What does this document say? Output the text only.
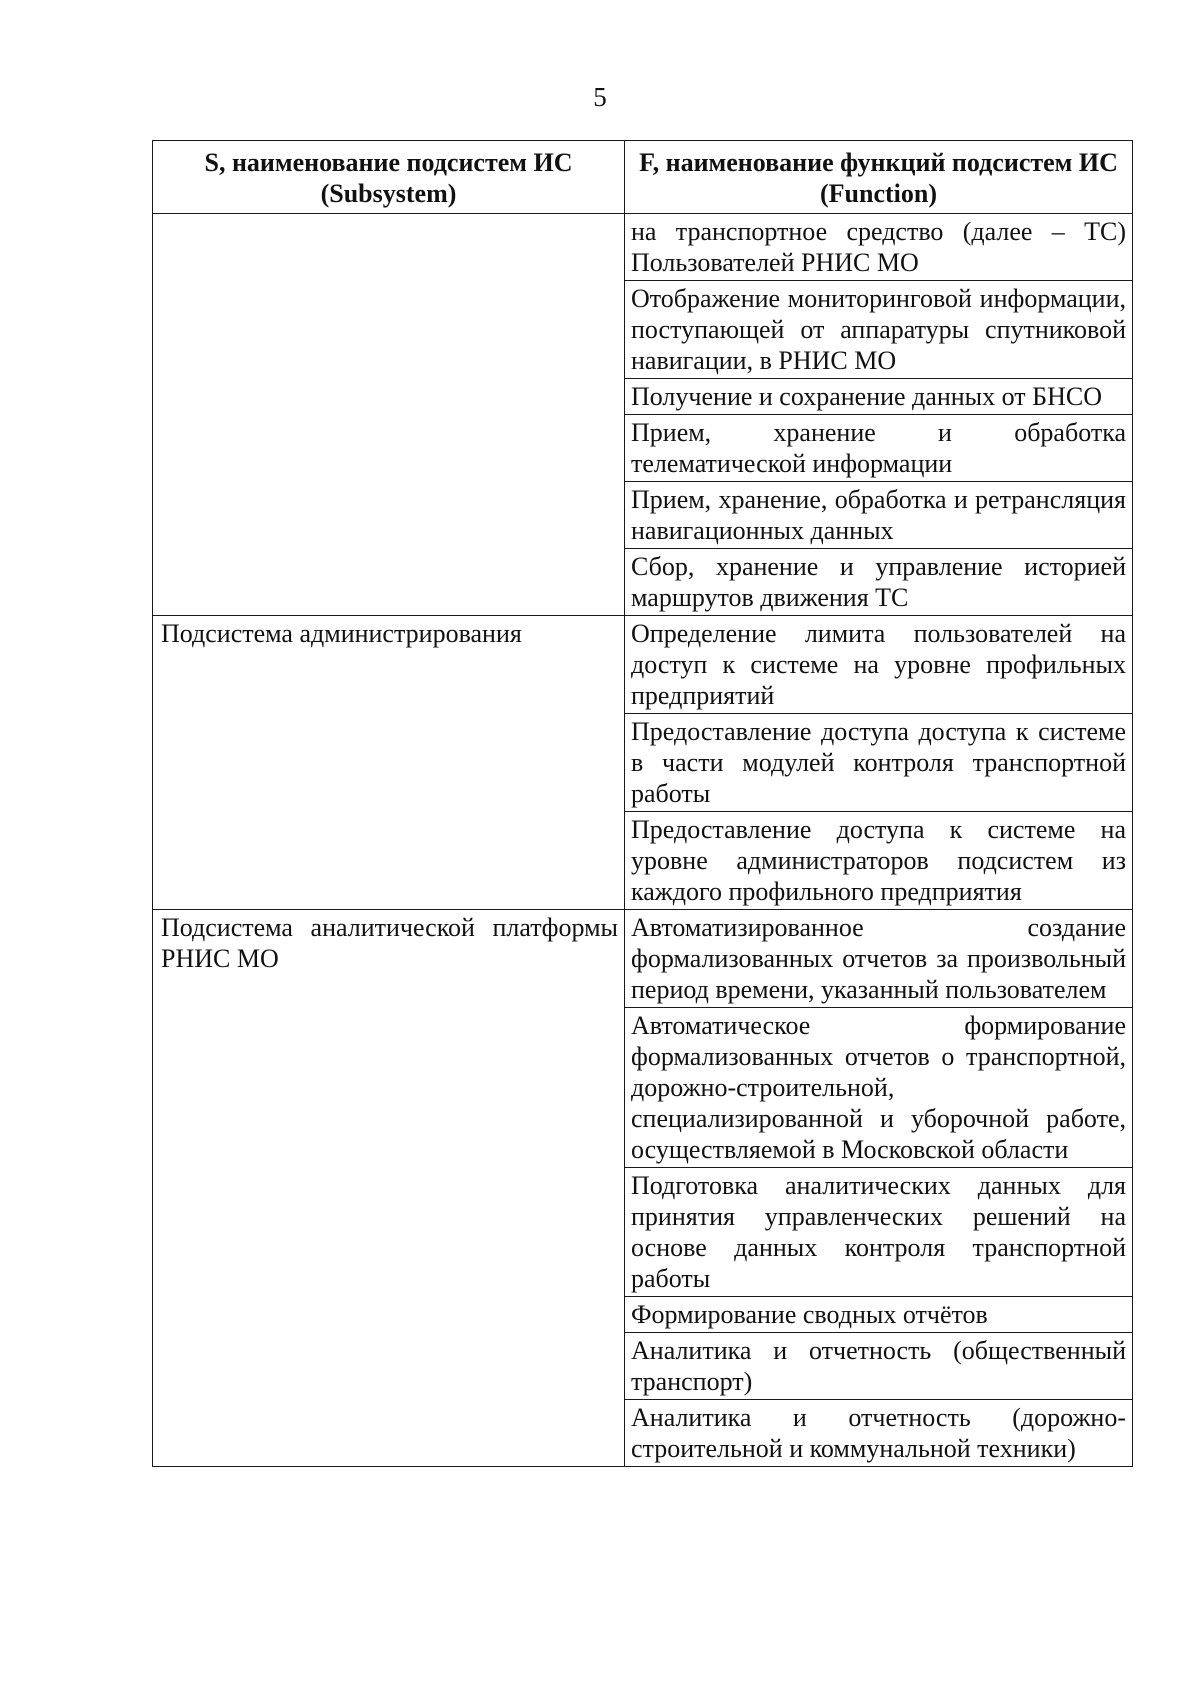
5
S, наименование подсистем ИС (Subsystem)	F, наименование функций подсистем ИС (Function)
	на транспортное средство (далее – ТС) Пользователей РНИС МО
	Отображение мониторинговой информации, поступающей от аппаратуры спутниковой навигации, в РНИС МО
	Получение и сохранение данных от БНСО
	Прием, хранение и обработка телематической информации
	Прием, хранение, обработка и ретрансляция навигационных данных
	Сбор, хранение и управление историей маршрутов движения ТС
Подсистема администрирования	Определение лимита пользователей на доступ к системе на уровне профильных предприятий
	Предоставление доступа доступа к системе в части модулей контроля транспортной работы
	Предоставление доступа к системе на уровне администраторов подсистем из каждого профильного предприятия
Подсистема аналитической платформы РНИС МО	Автоматизированное создание формализованных отчетов за произвольный период времени, указанный пользователем
	Автоматическое формирование формализованных отчетов о транспортной, дорожно-строительной, специализированной и уборочной работе, осуществляемой в Московской области
	Подготовка аналитических данных для принятия управленческих решений на основе данных контроля транспортной работы
	Формирование сводных отчётов
	Аналитика и отчетность (общественный транспорт)
	Аналитика и отчетность (дорожно-строительной и коммунальной техники)
